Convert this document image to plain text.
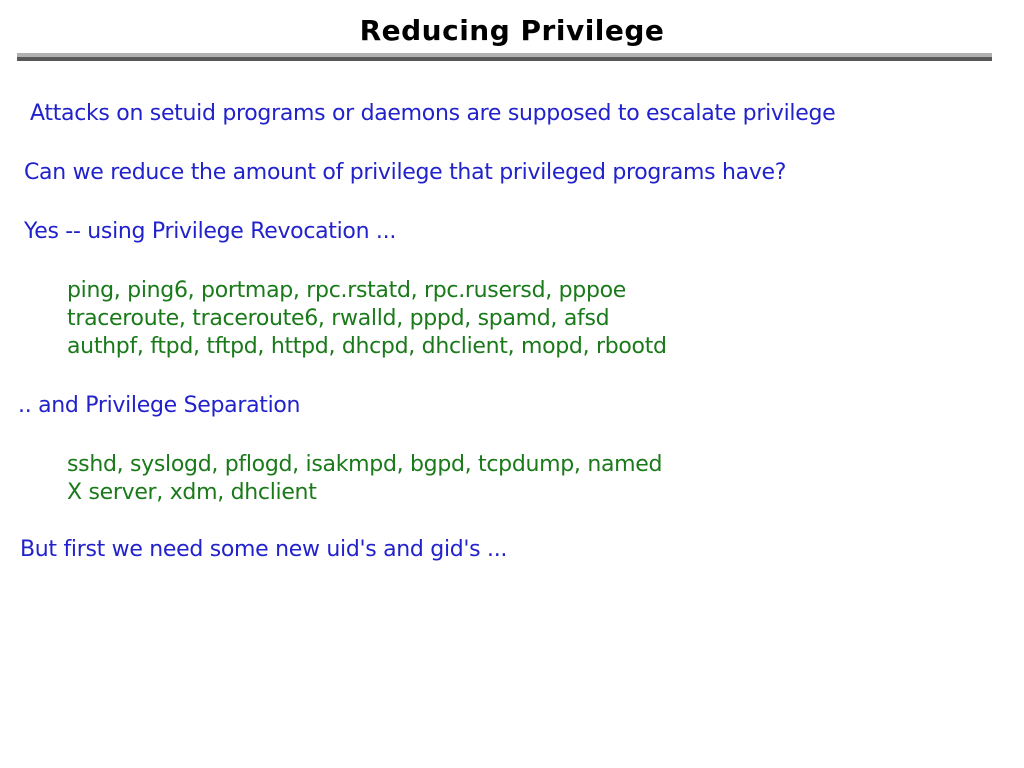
Reducing Privilege
Attacks on setuid programs or daemons are supposed to escalate privilege
Can we reduce the amount of privilege that privileged programs have?
Yes -- using Privilege Revocation ...
ping, ping6, portmap, rpc.rstatd, rpc.rusersd, pppoe
traceroute, traceroute6, rwalld, pppd, spamd, afsd
authpf, ftpd, tftpd, httpd, dhcpd, dhclient, mopd, rbootd
.. and Privilege Separation
sshd, syslogd, pflogd, isakmpd, bgpd, tcpdump, named
X server, xdm, dhclient
But first we need some new uid's and gid's ...
